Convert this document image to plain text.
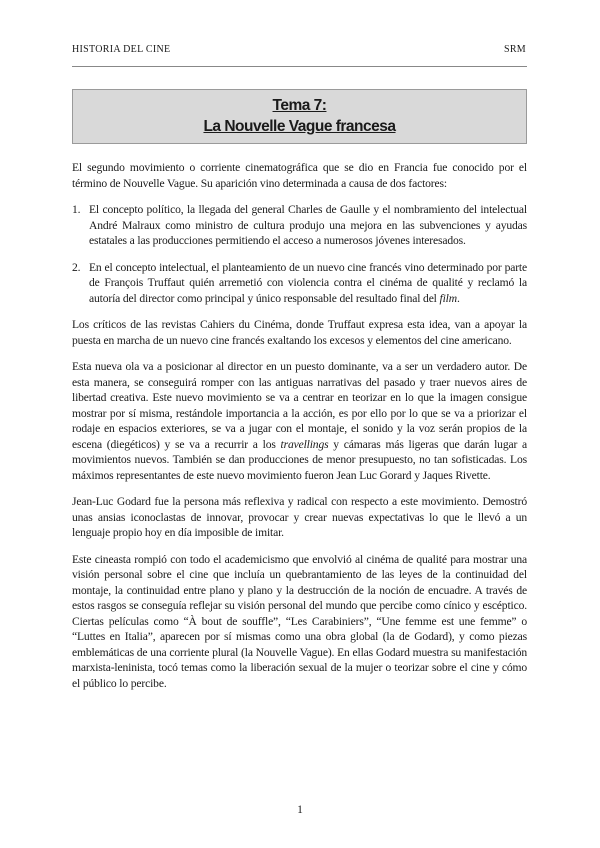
HISTORIA DEL CINE	SRM
Tema 7:
La Nouvelle Vague francesa

El segundo movimiento o corriente cinematográfica que se dio en Francia fue conocido por el término de Nouvelle Vague. Su aparición vino determinada a causa de dos factores:

1. El concepto político, la llegada del general Charles de Gaulle y el nombramiento del intelectual André Malraux como ministro de cultura produjo una mejora en las subvenciones y ayudas estatales a las producciones permitiendo el acceso a numerosos jóvenes interesados.
2. En el concepto intelectual, el planteamiento de un nuevo cine francés vino determinado por parte de François Truffaut quién arremetió con violencia contra el cinéma de qualité y reclamó la autoría del director como principal y único responsable del resultado final del film.

Los críticos de las revistas Cahiers du Cinéma, donde Truffaut expresa esta idea, van a apoyar la puesta en marcha de un nuevo cine francés exaltando los excesos y elementos del cine americano.

Esta nueva ola va a posicionar al director en un puesto dominante, va a ser un verdadero autor. De esta manera, se conseguirá romper con las antiguas narrativas del pasado y traer nuevos aires de libertad creativa. Este nuevo movimiento se va a centrar en teorizar en lo que la imagen consigue mostrar por sí misma, restándole importancia a la acción, es por ello por lo que se va a priorizar el rodaje en espacios exteriores, se va a jugar con el montaje, el sonido y la voz serán propios de la escena (diegéticos) y se va a recurrir a los travellings y cámaras más ligeras que darán lugar a movimientos nuevos. También se dan producciones de menor presupuesto, no tan sofisticadas. Los máximos representantes de este nuevo movimiento fueron Jean Luc Gorard y Jaques Rivette.

Jean-Luc Godard fue la persona más reflexiva y radical con respecto a este movimiento. Demostró unas ansias iconoclastas de innovar, provocar y crear nuevas expectativas lo que le llevó a un lenguaje propio hoy en día imposible de imitar.

Este cineasta rompió con todo el academicismo que envolvió al cinéma de qualité para mostrar una visión personal sobre el cine que incluía un quebrantamiento de las leyes de la continuidad del montaje, la continuidad entre plano y plano y la destrucción de la noción de encuadre. A través de estos rasgos se conseguía reflejar su visión personal del mundo que percibe como cínico y escéptico. Ciertas películas como “À bout de souffle”, “Les Carabiniers”, “Une femme est une femme” o “Luttes en Italia”, aparecen por sí mismas como una obra global (la de Godard), y como piezas emblemáticas de una corriente plural (la Nouvelle Vague). En ellas Godard muestra su manifestación marxista-leninista, tocó temas como la liberación sexual de la mujer o teorizar sobre el cine y cómo el público lo percibe.

1
